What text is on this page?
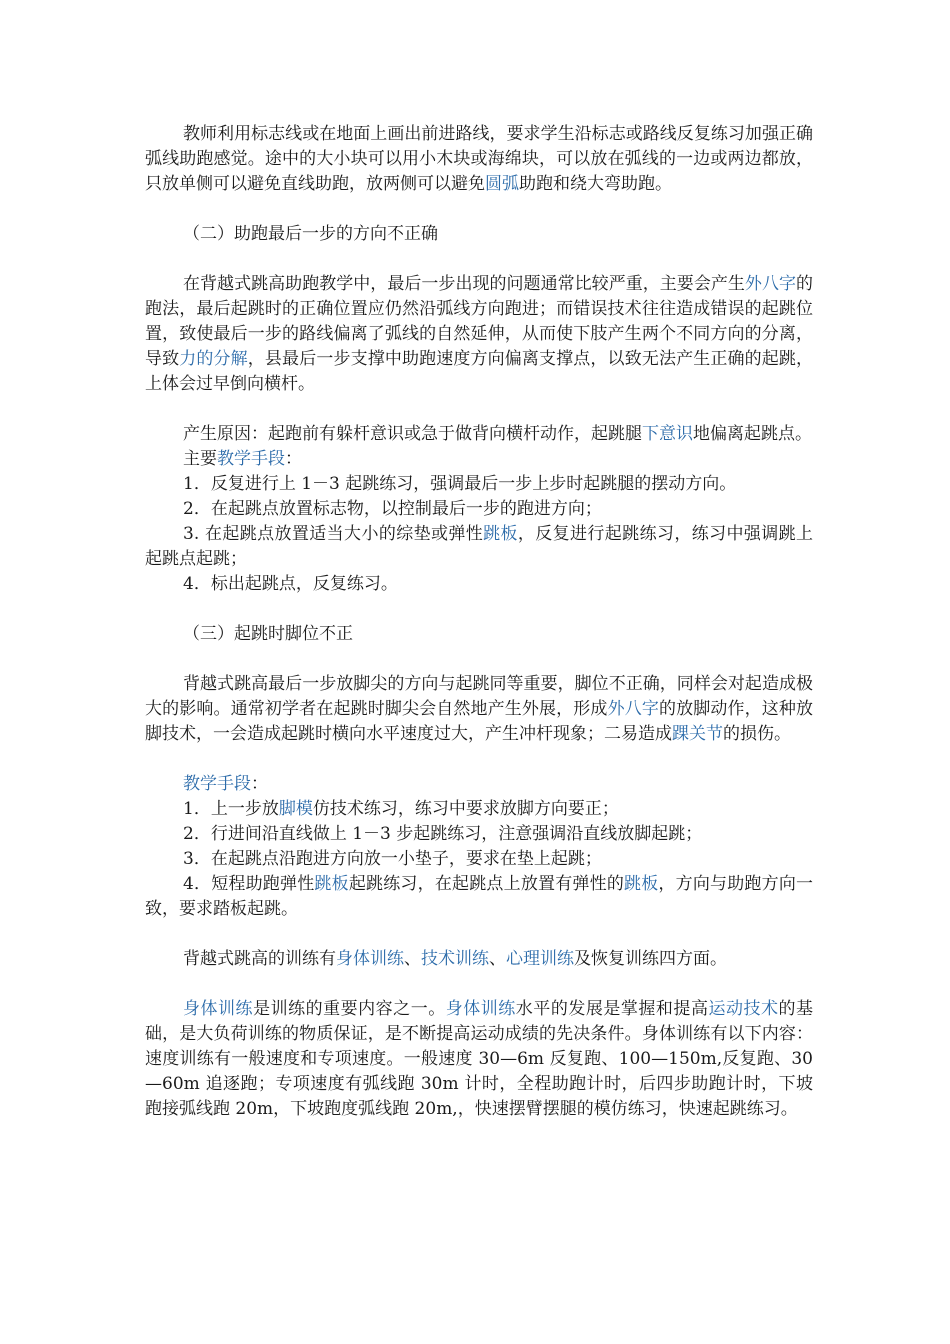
教师利用标志线或在地面上画出前进路线，要求学生沿标志或路线反复练习加强正确弧线助跑感觉。途中的大小块可以用小木块或海绵块，可以放在弧线的一边或两边都放，只放单侧可以避免直线助跑，放两侧可以避免圆弧助跑和绕大弯助跑。

（二）助跑最后一步的方向不正确

在背越式跳高助跑教学中，最后一步出现的问题通常比较严重，主要会产生外八字的跑法，最后起跳时的正确位置应仍然沿弧线方向跑进；而错误技术往往造成错误的起跳位置，致使最后一步的路线偏离了弧线的自然延伸，从而使下肢产生两个不同方向的分离，导致力的分解，县最后一步支撑中助跑速度方向偏离支撑点，以致无法产生正确的起跳，上体会过早倒向横杆。

产生原因：起跑前有躲杆意识或急于做背向横杆动作，起跳腿下意识地偏离起跳点。

主要教学手段：

1．反复进行上 1－3 起跳练习，强调最后一步上步时起跳腿的摆动方向。

2．在起跳点放置标志物，以控制最后一步的跑进方向；

3. 在起跳点放置适当大小的综垫或弹性跳板，反复进行起跳练习，练习中强调跳上起跳点起跳；

4．标出起跳点，反复练习。

（三）起跳时脚位不正

背越式跳高最后一步放脚尖的方向与起跳同等重要，脚位不正确，同样会对起造成极大的影响。通常初学者在起跳时脚尖会自然地产生外展，形成外八字的放脚动作，这种放脚技术，一会造成起跳时横向水平速度过大，产生冲杆现象；二易造成踝关节的损伤。

教学手段：

1．上一步放脚模仿技术练习，练习中要求放脚方向要正；

2．行进间沿直线做上 1－3 步起跳练习，注意强调沿直线放脚起跳；

3．在起跳点沿跑进方向放一小垫子，要求在垫上起跳；

4．短程助跑弹性跳板起跳练习，在起跳点上放置有弹性的跳板，方向与助跑方向一致，要求踏板起跳。

背越式跳高的训练有身体训练、技术训练、心理训练及恢复训练四方面。

身体训练是训练的重要内容之一。身体训练水平的发展是掌握和提高运动技术的基础，是大负荷训练的物质保证，是不断提高运动成绩的先决条件。身体训练有以下内容：速度训练有一般速度和专项速度。一般速度 30—6m 反复跑、100—150m,反复跑、30—60m 追逐跑；专项速度有弧线跑 30m 计时，全程助跑计时，后四步助跑计时，下坡跑接弧线跑 20m，下坡跑度弧线跑 20m,，快速摆臂摆腿的模仿练习，快速起跳练习。
